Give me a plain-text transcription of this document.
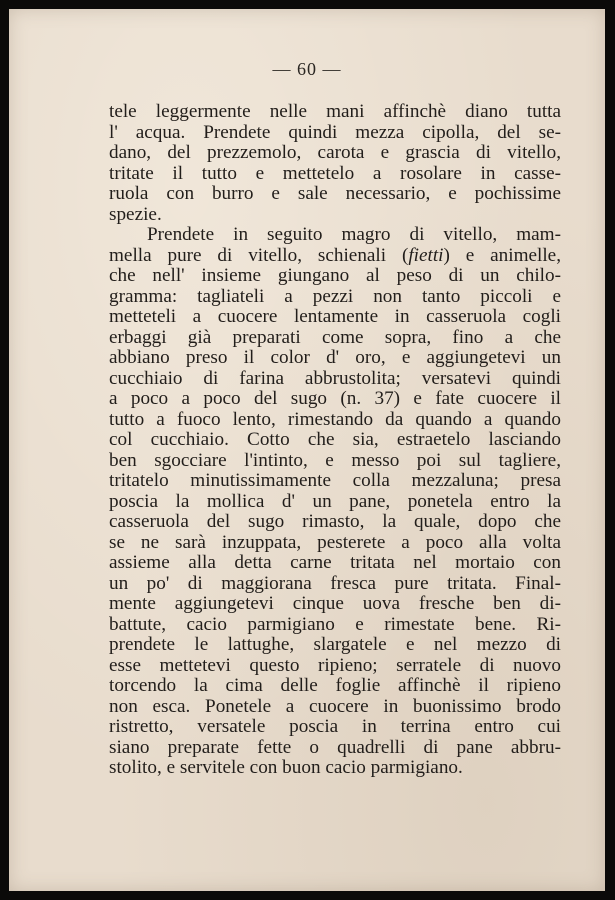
— 60 —

tele leggermente nelle mani affinchè diano tutta
l' acqua. Prendete quindi mezza cipolla, del se-
dano, del prezzemolo, carota e grascia di vitello,
tritate il tutto e mettetelo a rosolare in casse-
ruola con burro e sale necessario, e pochissime
spezie.

Prendete in seguito magro di vitello, mam-
mella pure di vitello, schienali (fietti) e animelle,
che nell' insieme giungano al peso di un chilo-
gramma: tagliateli a pezzi non tanto piccoli e
metteteli a cuocere lentamente in casseruola cogli
erbaggi già preparati come sopra, fino a che
abbiano preso il color d' oro, e aggiungetevi un
cucchiaio di farina abbrustolita; versatevi quindi
a poco a poco del sugo (n. 37) e fate cuocere il
tutto a fuoco lento, rimestando da quando a quando
col cucchiaio. Cotto che sia, estraetelo lasciando
ben sgocciare l'intinto, e messo poi sul tagliere,
tritatelo minutissimamente colla mezzaluna; presa
poscia la mollica d' un pane, ponetela entro la
casseruola del sugo rimasto, la quale, dopo che
se ne sarà inzuppata, pesterete a poco alla volta
assieme alla detta carne tritata nel mortaio con
un po' di maggiorana fresca pure tritata. Final-
mente aggiungetevi cinque uova fresche ben di-
battute, cacio parmigiano e rimestate bene. Ri-
prendete le lattughe, slargatele e nel mezzo di
esse mettetevi questo ripieno; serratele di nuovo
torcendo la cima delle foglie affinchè il ripieno
non esca. Ponetele a cuocere in buonissimo brodo
ristretto, versatele poscia in terrina entro cui
siano preparate fette o quadrelli di pane abbru-
stolito, e servitele con buon cacio parmigiano.
